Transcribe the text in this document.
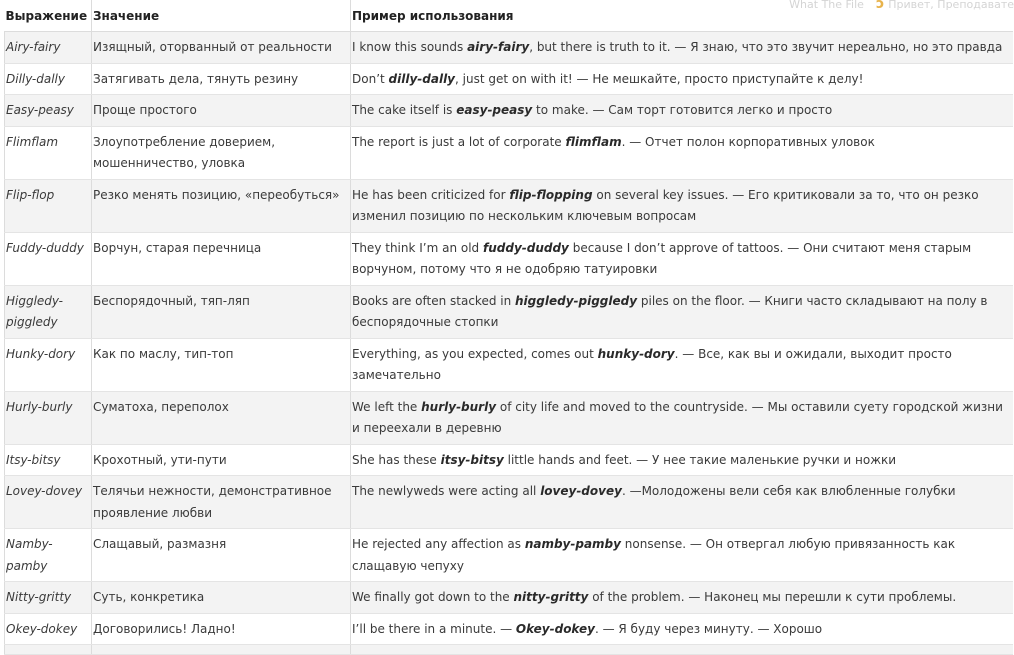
What The File ↄ Привет, Преподавате
Выражение	Значение	Пример использования
Airy-fairy	Изящный, оторванный от реальности	I know this sounds airy-fairy, but there is truth to it. — Я знаю, что это звучит нереально, но это правда
Dilly-dally	Затягивать дела, тянуть резину	Don’t dilly-dally, just get on with it! — Не мешкайте, просто приступайте к делу!
Easy-peasy	Проще простого	The cake itself is easy-peasy to make. — Сам торт готовится легко и просто
Flimflam	Злоупотребление доверием, мошенничество, уловка	The report is just a lot of corporate flimflam. — Отчет полон корпоративных уловок
Flip-flop	Резко менять позицию, «переобуться»	He has been criticized for flip-flopping on several key issues. — Его критиковали за то, что он резко изменил позицию по нескольким ключевым вопросам
Fuddy-duddy	Ворчун, старая перечница	They think I’m an old fuddy-duddy because I don’t approve of tattoos. — Они считают меня старым ворчуном, потому что я не одобряю татуировки
Higgledy-piggledy	Беспорядочный, тяп-ляп	Books are often stacked in higgledy-piggledy piles on the floor. — Книги часто складывают на полу в беспорядочные стопки
Hunky-dory	Как по маслу, тип-топ	Everything, as you expected, comes out hunky-dory. — Все, как вы и ожидали, выходит просто замечательно
Hurly-burly	Суматоха, переполох	We left the hurly-burly of city life and moved to the countryside. — Мы оставили суету городской жизни и переехали в деревню
Itsy-bitsy	Крохотный, ути-пути	She has these itsy-bitsy little hands and feet. — У нее такие маленькие ручки и ножки
Lovey-dovey	Телячьи нежности, демонстративное проявление любви	The newlyweds were acting all lovey-dovey. —Молодожены вели себя как влюбленные голубки
Namby-pamby	Слащавый, размазня	He rejected any affection as namby-pamby nonsense. — Он отвергал любую привязанность как слащавую чепуху
Nitty-gritty	Суть, конкретика	We finally got down to the nitty-gritty of the problem. — Наконец мы перешли к сути проблемы.
Okey-dokey	Договорились! Ладно!	I’ll be there in a minute. — Okey-dokey. — Я буду через минуту. — Хорошо
